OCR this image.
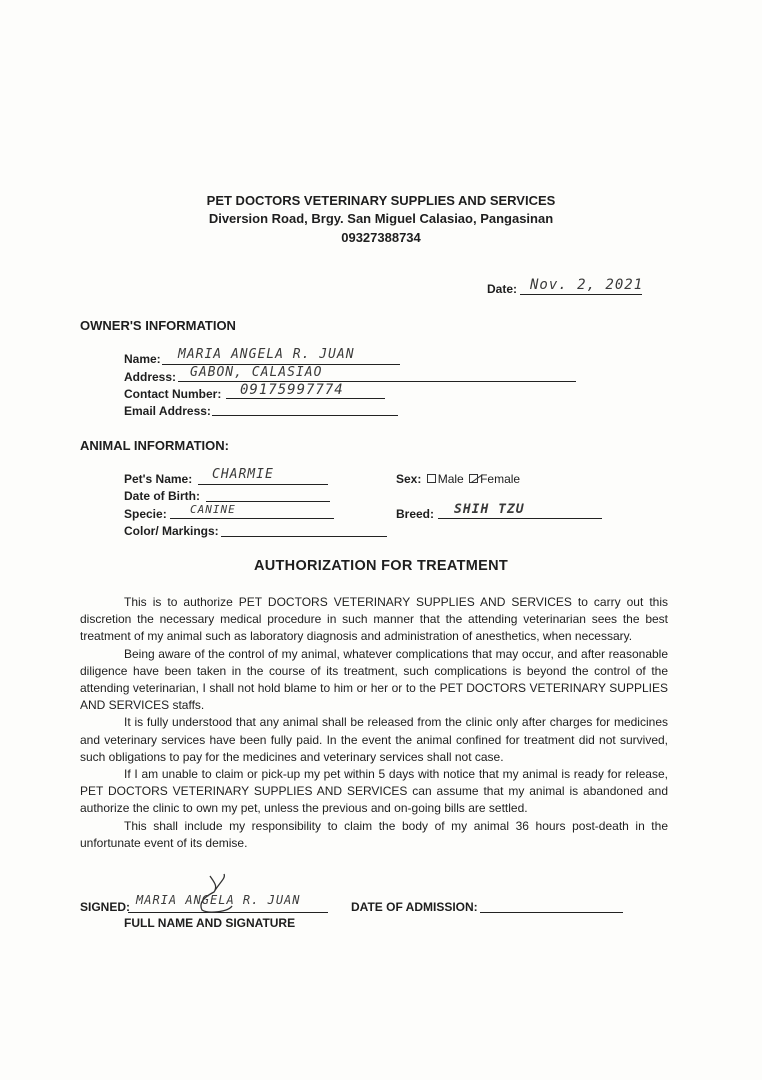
PET DOCTORS VETERINARY SUPPLIES AND SERVICES
Diversion Road, Brgy. San Miguel Calasiao, Pangasinan
09327388734
Date: Nov. 2, 2021
OWNER'S INFORMATION
Name: MARIA ANGELA R. JUAN
Address: GABON, CALASIAO
Contact Number: 09175997774
Email Address:
ANIMAL INFORMATION:
Pet's Name: CHARMIE
Date of Birth:
Specie: CANINE
Color/ Markings:
Sex: Male Female
Breed: SHIH TZU
AUTHORIZATION FOR TREATMENT

This is to authorize PET DOCTORS VETERINARY SUPPLIES AND SERVICES to carry out this discretion the necessary medical procedure in such manner that the attending veterinarian sees the best treatment of my animal such as laboratory diagnosis and administration of anesthetics, when necessary.

Being aware of the control of my animal, whatever complications that may occur, and after reasonable diligence have been taken in the course of its treatment, such complications is beyond the control of the attending veterinarian, I shall not hold blame to him or her or to the PET DOCTORS VETERINARY SUPPLIES AND SERVICES staffs.

It is fully understood that any animal shall be released from the clinic only after charges for medicines and veterinary services have been fully paid. In the event the animal confined for treatment did not survived, such obligations to pay for the medicines and veterinary services shall not case.

If I am unable to claim or pick-up my pet within 5 days with notice that my animal is ready for release, PET DOCTORS VETERINARY SUPPLIES AND SERVICES can assume that my animal is abandoned and authorize the clinic to own my pet, unless the previous and on-going bills are settled.

This shall include my responsibility to claim the body of my animal 36 hours post-death in the unfortunate event of its demise.

SIGNED: MARIA ANGELA R. JUAN
FULL NAME AND SIGNATURE
DATE OF ADMISSION:
